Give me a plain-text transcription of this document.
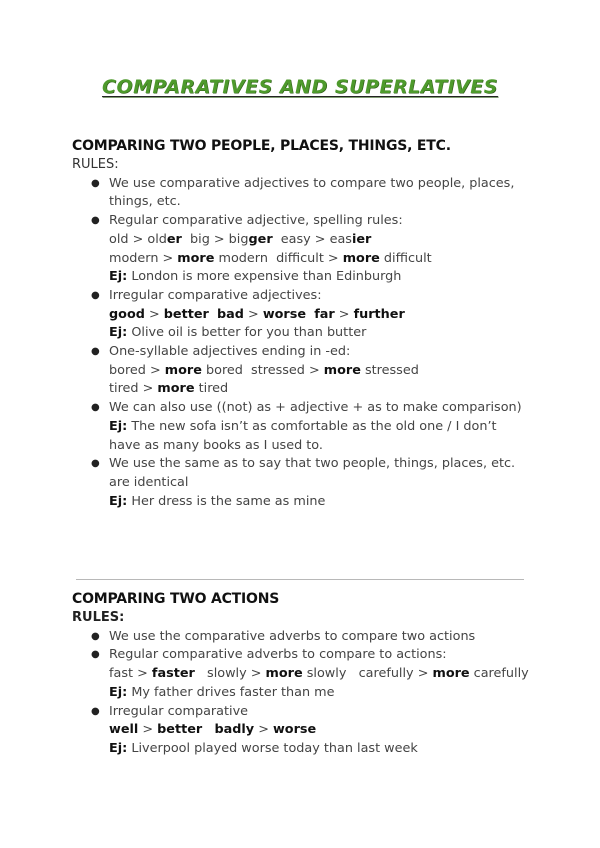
COMPARATIVES AND SUPERLATIVES
COMPARING TWO PEOPLE, PLACES, THINGS, ETC.
RULES:
● We use comparative adjectives to compare two people, places, things, etc.
● Regular comparative adjective, spelling rules:
old > older  big > bigger  easy > easier
modern > more modern  difficult > more difficult
Ej: London is more expensive than Edinburgh
● Irregular comparative adjectives:
good > better bad > worse far > further
Ej: Olive oil is better for you than butter
● One-syllable adjectives ending in -ed:
bored > more bored  stressed > more stressed
tired > more tired
● We can also use ((not) as + adjective + as to make comparison)
Ej: The new sofa isn’t as comfortable as the old one / I don’t have as many books as I used to.
● We use the same as to say that two people, things, places, etc. are identical
Ej: Her dress is the same as mine
COMPARING TWO ACTIONS
RULES:
● We use the comparative adverbs to compare two actions
● Regular comparative adverbs to compare to actions:
fast > faster   slowly > more slowly   carefully > more carefully
Ej: My father drives faster than me
● Irregular comparative
well > better badly > worse
Ej: Liverpool played worse today than last week
